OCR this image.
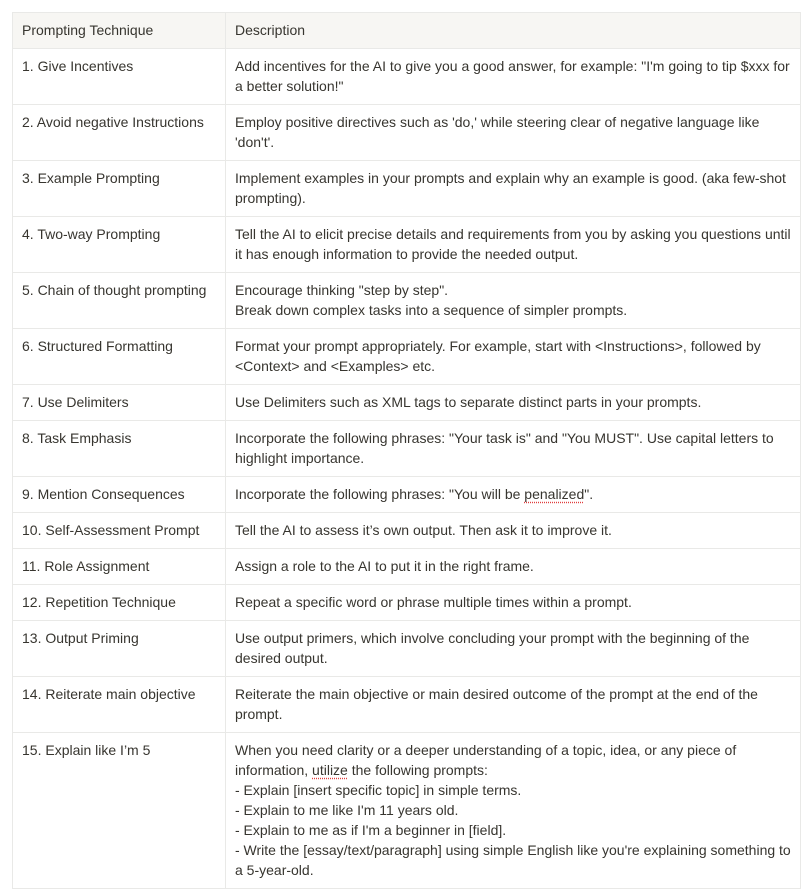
Prompting Technique	Description
1. Give Incentives	Add incentives for the AI to give you a good answer, for example: "I'm going to tip $xxx for a better solution!"
2. Avoid negative Instructions	Employ positive directives such as 'do,' while steering clear of negative language like 'don't'.
3. Example Prompting	Implement examples in your prompts and explain why an example is good. (aka few-shot prompting).
4. Two-way Prompting	Tell the AI to elicit precise details and requirements from you by asking you questions until it has enough information to provide the needed output.
5. Chain of thought prompting	Encourage thinking "step by step".
Break down complex tasks into a sequence of simpler prompts.
6. Structured Formatting	Format your prompt appropriately. For example, start with <Instructions>, followed by <Context> and <Examples> etc.
7. Use Delimiters	Use Delimiters such as XML tags to separate distinct parts in your prompts.
8. Task Emphasis	Incorporate the following phrases: "Your task is" and "You MUST". Use capital letters to highlight importance.
9. Mention Consequences	Incorporate the following phrases: "You will be penalized".
10. Self-Assessment Prompt	Tell the AI to assess it’s own output. Then ask it to improve it.
11. Role Assignment	Assign a role to the AI to put it in the right frame.
12. Repetition Technique	Repeat a specific word or phrase multiple times within a prompt.
13. Output Priming	Use output primers, which involve concluding your prompt with the beginning of the desired output.
14. Reiterate main objective	Reiterate the main objective or main desired outcome of the prompt at the end of the prompt.
15. Explain like I’m 5	When you need clarity or a deeper understanding of a topic, idea, or any piece of information, utilize the following prompts:
- Explain [insert specific topic] in simple terms.
- Explain to me like I'm 11 years old.
- Explain to me as if I'm a beginner in [field].
- Write the [essay/text/paragraph] using simple English like you're explaining something to a 5-year-old.
